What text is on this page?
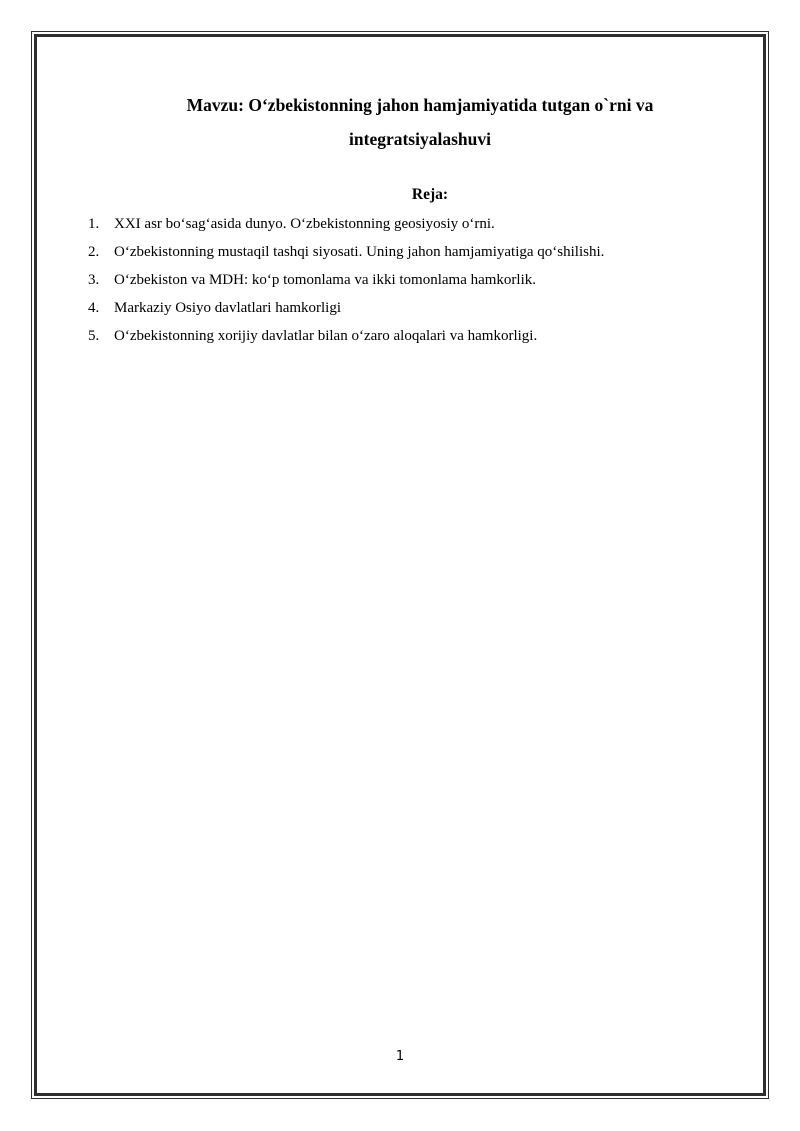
Mavzu: O‘zbekistonning jahon hamjamiyatida tutgan o`rni va integratsiyalashuvi
Reja:
1. XXI asr bo‘sag‘asida dunyo. O‘zbekistonning geosiyosiy o‘rni.
2. O‘zbekistonning mustaqil tashqi siyosati. Uning jahon hamjamiyatiga qo‘shilishi.
3. O‘zbekiston va MDH: ko‘p tomonlama va ikki tomonlama hamkorlik.
4. Markaziy Osiyo davlatlari hamkorligi
5. O‘zbekistonning xorijiy davlatlar bilan o‘zaro aloqalari va hamkorligi.
1
